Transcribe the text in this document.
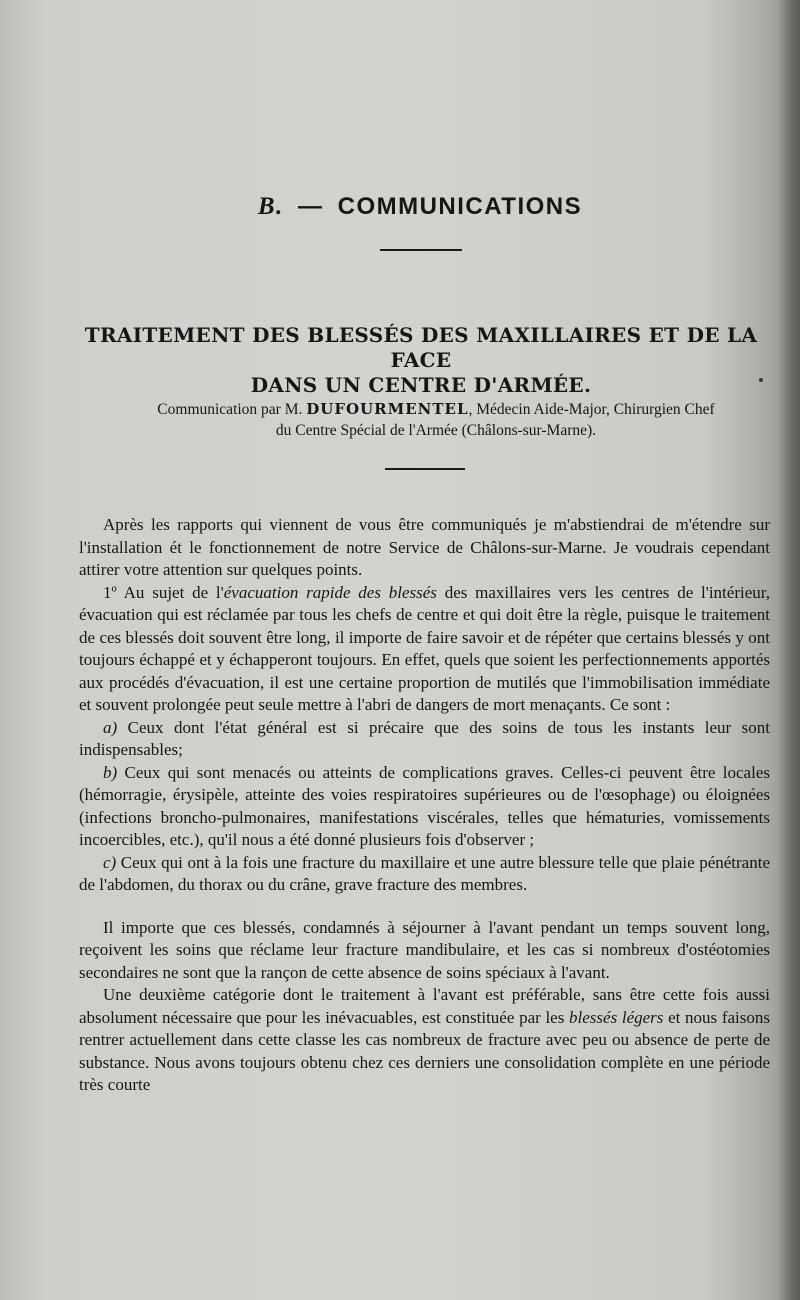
B. — COMMUNICATIONS
TRAITEMENT DES BLESSÉS DES MAXILLAIRES ET DE LA FACE
DANS UN CENTRE D'ARMÉE.

Communication par M. DUFOURMENTEL, Médecin Aide-Major, Chirurgien Chef
du Centre Spécial de l'Armée (Châlons-sur-Marne).

Après les rapports qui viennent de vous être communiqués je m'abstiendrai de m'étendre sur l'installation ét le fonctionnement de notre Service de Châlons-sur-Marne. Je voudrais cependant attirer votre attention sur quelques points.

1º Au sujet de l'évacuation rapide des blessés des maxillaires vers les centres de l'intérieur, évacuation qui est réclamée par tous les chefs de centre et qui doit être la règle, puisque le traitement de ces blessés doit souvent être long, il importe de faire savoir et de répéter que certains blessés y ont toujours échappé et y échapperont toujours. En effet, quels que soient les perfectionnements apportés aux procédés d'évacuation, il est une certaine proportion de mutilés que l'immobilisation immédiate et souvent prolongée peut seule mettre à l'abri de dangers de mort menaçants. Ce sont :

a) Ceux dont l'état général est si précaire que des soins de tous les instants leur sont indispensables;

b) Ceux qui sont menacés ou atteints de complications graves. Celles-ci peuvent être locales (hémorragie, érysipèle, atteinte des voies respiratoires supérieures ou de l'œsophage) ou éloignées (infections broncho-pulmonaires, manifestations viscérales, telles que hématuries, vomissements incoercibles, etc.), qu'il nous a été donné plusieurs fois d'observer ;

c) Ceux qui ont à la fois une fracture du maxillaire et une autre blessure telle que plaie pénétrante de l'abdomen, du thorax ou du crâne, grave fracture des membres.

Il importe que ces blessés, condamnés à séjourner à l'avant pendant un temps souvent long, reçoivent les soins que réclame leur fracture mandibulaire, et les cas si nombreux d'ostéotomies secondaires ne sont que la rançon de cette absence de soins spéciaux à l'avant.

Une deuxième catégorie dont le traitement à l'avant est préférable, sans être cette fois aussi absolument nécessaire que pour les inévacuables, est constituée par les blessés légers et nous faisons rentrer actuellement dans cette classe les cas nombreux de fracture avec peu ou absence de perte de substance. Nous avons toujours obtenu chez ces derniers une consolidation complète en une période très courte
